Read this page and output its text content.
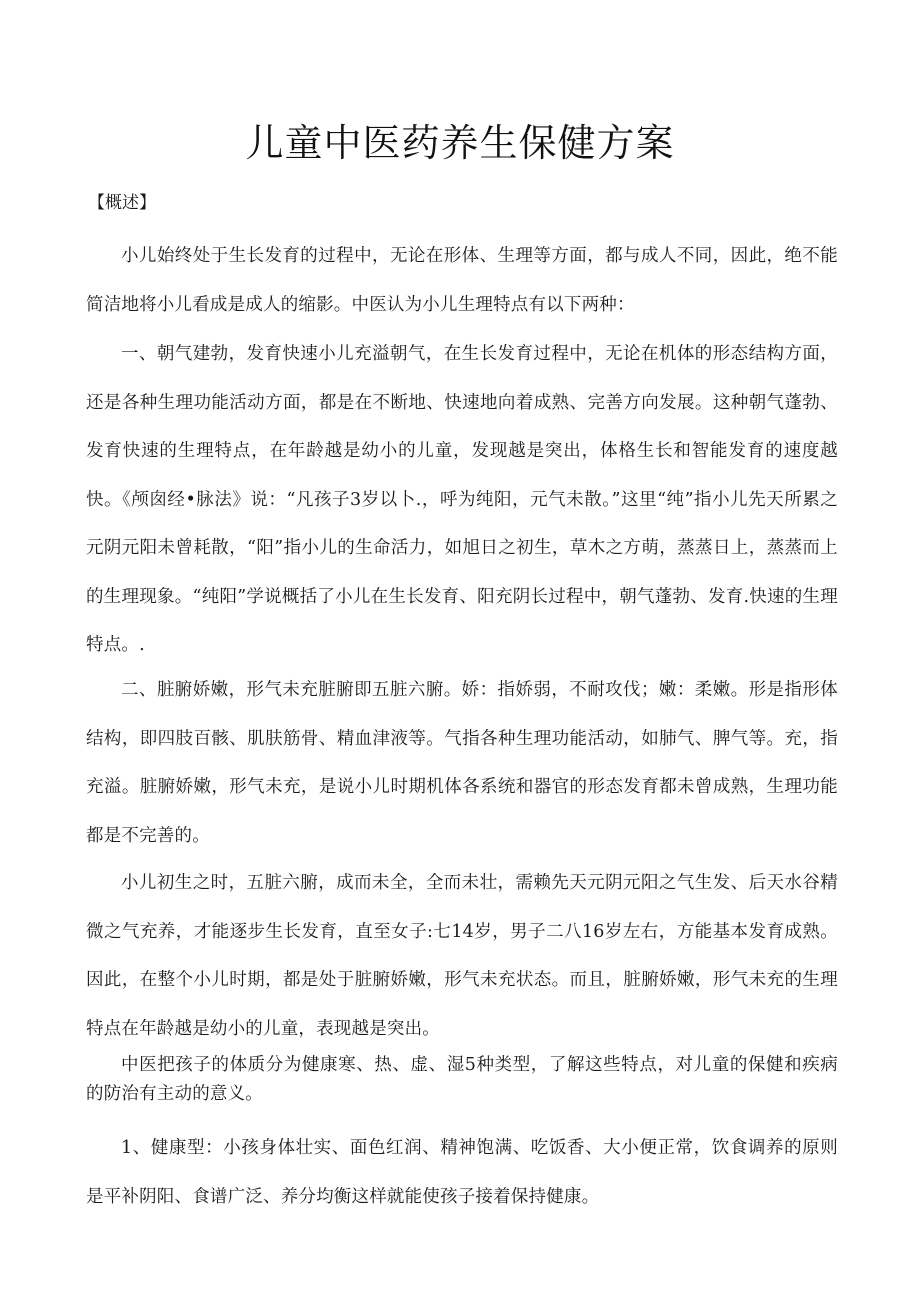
儿童中医药养生保健方案

【概述】

小儿始终处于生长发育的过程中，无论在形体、生理等方面，都与成人不同，因此，绝不能简洁地将小儿看成是成人的缩影。中医认为小儿生理特点有以下两种：

一、朝气建勃，发育快速小儿充溢朝气，在生长发育过程中，无论在机体的形态结构方面，还是各种生理功能活动方面，都是在不断地、快速地向着成熟、完善方向发展。这种朝气蓬勃、发育快速的生理特点，在年龄越是幼小的儿童，发现越是突出，体格生长和智能发育的速度越快。《颅囱经•脉法》说：“凡孩子3岁以卜.，呼为纯阳，元气未散。”这里“纯”指小儿先天所累之元阴元阳未曾耗散，“阳”指小儿的生命活力，如旭日之初生，草木之方萌，蒸蒸日上，蒸蒸而上的生理现象。“纯阳”学说概括了小儿在生长发育、阳充阴长过程中，朝气蓬勃、发育.快速的生理特点。.

二、脏腑娇嫩，形气未充脏腑即五脏六腑。娇：指娇弱，不耐攻伐；嫩：柔嫩。形是指形体结构，即四肢百骸、肌肤筋骨、精血津液等。气指各种生理功能活动，如肺气、脾气等。充，指充溢。脏腑娇嫩，形气未充，是说小儿时期机体各系统和器官的形态发育都未曾成熟，生理功能都是不完善的。

小儿初生之时，五脏六腑，成而未全，全而未壮，需赖先天元阴元阳之气生发、后天水谷精微之气充养，才能逐步生长发育，直至女子:七14岁，男子二八16岁左右，方能基本发育成熟。因此，在整个小儿时期，都是处于脏腑娇嫩，形气未充状态。而且，脏腑娇嫩，形气未充的生理特点在年龄越是幼小的儿童，表现越是突出。

中医把孩子的体质分为健康寒、热、虚、湿5种类型，了解这些特点，对儿童的保健和疾病的防治有主动的意义。

1、健康型：小孩身体壮实、面色红润、精神饱满、吃饭香、大小便正常，饮食调养的原则是平补阴阳、食谱广泛、养分均衡这样就能使孩子接着保持健康。
